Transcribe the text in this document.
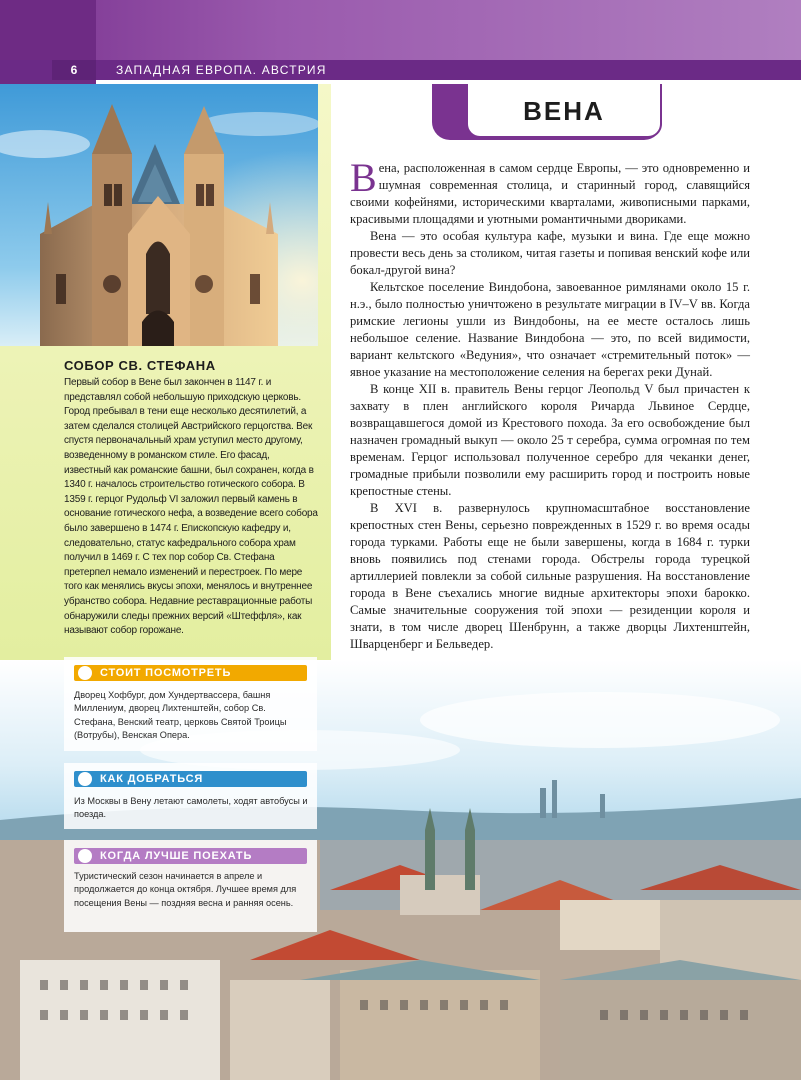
6	ЗАПАДНАЯ ЕВРОПА. АВСТРИЯ
СОБОР СВ. СТЕФАНА
Первый собор в Вене был закончен в 1147 г. и представлял собой небольшую приходскую церковь. Город пребывал в тени еще несколько десятилетий, а затем сделался столицей Австрийского герцогства. Век спустя первоначальный храм уступил место другому, возведенному в романском стиле. Его фасад, известный как романские башни, был сохранен, когда в 1340 г. началось строительство готического собора. В 1359 г. герцог Рудольф VI заложил первый камень в основание готического нефа, а возведение всего собора было завершено в 1474 г. Епископскую кафедру и, следовательно, статус кафедрального собора храм получил в 1469 г. С тех пор собор Св. Стефана претерпел немало изменений и перестроек. По мере того как менялись вкусы эпохи, менялось и внутреннее убранство собора. Недавние реставрационные работы обнаружили следы прежних версий «Штеффля», как называют собор горожане.
ВЕНА

Вена, расположенная в самом сердце Европы, — это одновременно и шумная современная столица, и старинный город, славящийся своими кофейнями, историческими кварталами, живописными парками, красивыми площадями и уютными романтичными двориками.

Вена — это особая культура кафе, музыки и вина. Где еще можно провести весь день за столиком, читая газеты и попивая венский кофе или бокал-другой вина?

Кельтское поселение Виндобона, завоеванное римлянами около 15 г. н.э., было полностью уничтожено в результате миграции в IV–V вв. Когда римские легионы ушли из Виндобоны, на ее месте осталось лишь небольшое селение. Название Виндобона — это, по всей видимости, вариант кельтского «Ведуния», что означает «стремительный поток» — явное указание на местоположение селения на берегах реки Дунай.

В конце XII в. правитель Вены герцог Леопольд V был причастен к захвату в плен английского короля Ричарда Львиное Сердце, возвращавшегося домой из Крестового похода. За его освобождение был назначен громадный выкуп — около 25 т серебра, сумма огромная по тем временам. Герцог использовал полученное серебро для чеканки денег, громадные прибыли позволили ему расширить город и построить новые крепостные стены.

В XVI в. развернулось крупномасштабное восстановление крепостных стен Вены, серьезно поврежденных в 1529 г. во время осады города турками. Работы еще не были завершены, когда в 1684 г. турки вновь появились под стенами города. Обстрелы города турецкой артиллерией повлекли за собой сильные разрушения. На восстановление города в Вене съехались многие видные архитекторы эпохи барокко. Самые значительные сооружения той эпохи — резиденции короля и знати, в том числе дворец Шенбрунн, а также дворцы Лихтенштейн, Шварценберг и Бельведер.

СТОИТ ПОСМОТРЕТЬ
Дворец Хофбург, дом Хундертвассера, башня Миллениум, дворец Лихтенштейн, собор Св. Стефана, Венский театр, церковь Святой Троицы (Вотрубы), Венская Опера.
КАК ДОБРАТЬСЯ
Из Москвы в Вену летают самолеты, ходят автобусы и поезда.
КОГДА ЛУЧШЕ ПОЕХАТЬ
Туристический сезон начинается в апреле и продолжается до конца октября. Лучшее время для посещения Вены — поздняя весна и ранняя осень.
